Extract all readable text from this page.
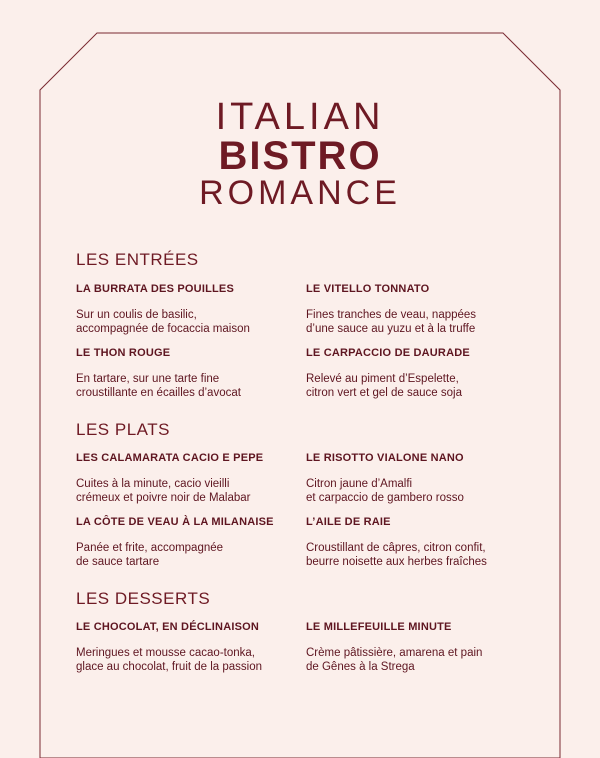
ITALIAN
BISTRO
ROMANCE
LES ENTRÉES
LA BURRATA DES POUILLES
Sur un coulis de basilic,
accompagnée de focaccia maison
LE VITELLO TONNATO
Fines tranches de veau, nappées
d’une sauce au yuzu et à la truffe
LE THON ROUGE
En tartare, sur une tarte fine
croustillante en écailles d’avocat
LE CARPACCIO DE DAURADE
Relevé au piment d’Espelette,
citron vert et gel de sauce soja
LES PLATS
LES CALAMARATA CACIO E PEPE
Cuites à la minute, cacio vieilli
crémeux et poivre noir de Malabar
LE RISOTTO VIALONE NANO
Citron jaune d’Amalfi
et carpaccio de gambero rosso
LA CÔTE DE VEAU À LA MILANAISE
Panée et frite, accompagnée
de sauce tartare
L’AILE DE RAIE
Croustillant de câpres, citron confit,
beurre noisette aux herbes fraîches
LES DESSERTS
LE CHOCOLAT, EN DÉCLINAISON
Meringues et mousse cacao-tonka,
glace au chocolat, fruit de la passion
LE MILLEFEUILLE MINUTE
Crème pâtissière, amarena et pain
de Gênes à la Strega
